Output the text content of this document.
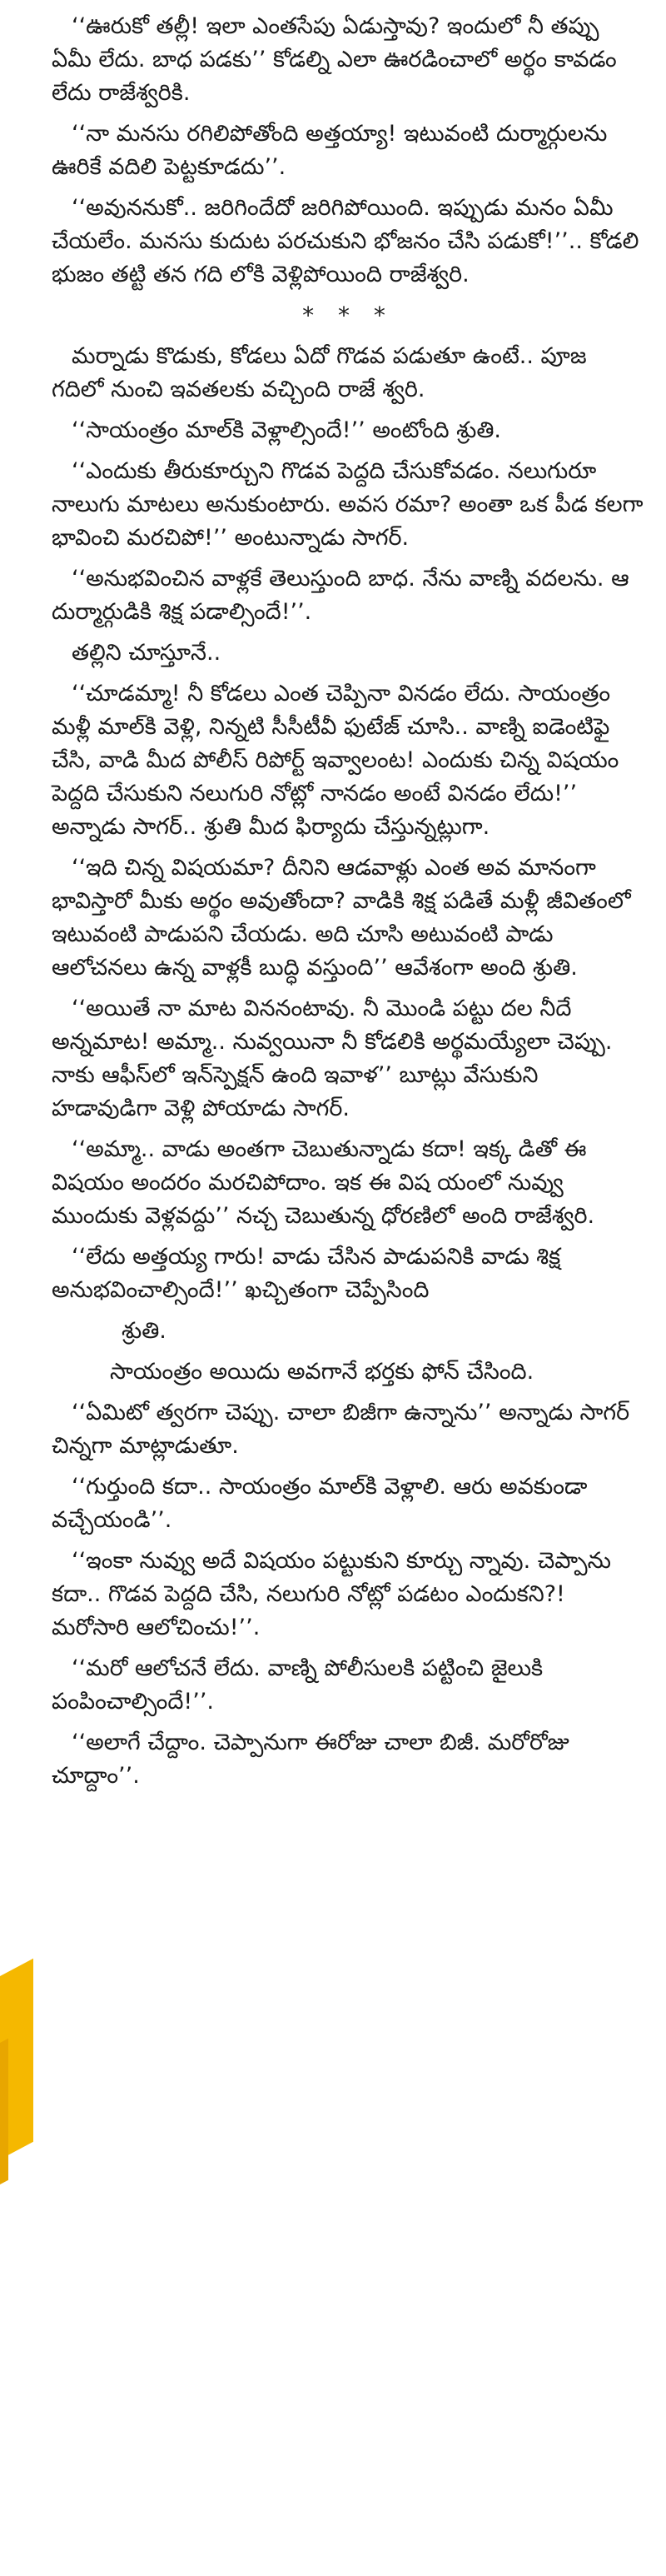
‘‘ఊరుకో తల్లీ! ఇలా ఎంతసేపు ఏడుస్తావు? ఇందులో నీ తప్పు ఏమీ లేదు. బాధ పడకు’’ కోడల్ని ఎలా ఊరడించాలో అర్థం కావడం లేదు రాజేశ్వరికి.

‘‘నా మనసు రగిలిపోతోంది అత్తయ్యా! ఇటువంటి దుర్మార్గులను ఊరికే వదిలి పెట్టకూడదు’’.

‘‘అవుననుకో.. జరిగిందేదో జరిగిపోయింది. ఇప్పుడు మనం ఏమీ చేయలేం. మనసు కుదుట పరచుకుని భోజనం చేసి పడుకో!’’.. కోడలి భుజం తట్టి తన గది లోకి వెళ్లిపోయింది రాజేశ్వరి.

* * *

మర్నాడు కొడుకు, కోడలు ఏదో గొడవ పడుతూ ఉంటే.. పూజ గదిలో నుంచి ఇవతలకు వచ్చింది రాజే శ్వరి.

‘‘సాయంత్రం మాల్‌కి వెళ్లాల్సిందే!’’ అంటోంది శ్రుతి.

‘‘ఎందుకు తీరుకూర్చుని గొడవ పెద్దది చేసుకోవడం. నలుగురూ నాలుగు మాటలు అనుకుంటారు. అవస రమా? అంతా ఒక పీడ కలగా భావించి మరచిపో!’’ అంటున్నాడు సాగర్.

‘‘అనుభవించిన వాళ్లకే తెలుస్తుంది బాధ. నేను వాణ్ని వదలను. ఆ దుర్మార్గుడికి శిక్ష పడాల్సిందే!’’.

తల్లిని చూస్తూనే..

‘‘చూడమ్మా! నీ కోడలు ఎంత చెప్పినా వినడం లేదు. సాయంత్రం మళ్లీ మాల్‌కి వెళ్లి, నిన్నటి సీసీటీవీ ఫుటేజ్ చూసి.. వాణ్ని ఐడెంటిఫై చేసి, వాడి మీద పోలీస్ రిపోర్ట్ ఇవ్వాలంట! ఎందుకు చిన్న విషయం పెద్దది చేసుకుని నలుగురి నోట్లో నానడం అంటే వినడం లేదు!’’ అన్నాడు సాగర్.. శ్రుతి మీద ఫిర్యాదు చేస్తున్నట్లుగా.

‘‘ఇది చిన్న విషయమా? దీనిని ఆడవాళ్లు ఎంత అవ మానంగా భావిస్తారో మీకు అర్థం అవుతోందా? వాడికి శిక్ష పడితే మళ్లీ జీవితంలో ఇటువంటి పాడుపని చేయడు. అది చూసి అటువంటి పాడు ఆలోచనలు ఉన్న వాళ్లకీ బుద్ధి వస్తుంది’’ ఆవేశంగా అంది శ్రుతి.

‘‘అయితే నా మాట విననంటావు. నీ మొండి పట్టు దల నీదే అన్నమాట! అమ్మా.. నువ్వయినా నీ కోడలికి అర్థమయ్యేలా చెప్పు. నాకు ఆఫీస్‌లో ఇన్‌స్పెక్షన్ ఉంది ఇవాళ’’ బూట్లు వేసుకుని హడావుడిగా వెళ్లి పోయాడు సాగర్.

‘‘అమ్మా.. వాడు అంతగా చెబుతున్నాడు కదా! ఇక్క డితో ఈ విషయం అందరం మరచిపోదాం. ఇక ఈ విష యంలో నువ్వు ముందుకు వెళ్లవద్దు’’ నచ్చ చెబుతున్న ధోరణిలో అంది రాజేశ్వరి.

‘‘లేదు అత్తయ్య గారు! వాడు చేసిన పాడుపనికి వాడు శిక్ష అనుభవించాల్సిందే!’’ ఖచ్చితంగా చెప్పేసింది

శ్రుతి.

సాయంత్రం అయిదు అవగానే భర్తకు ఫోన్ చేసింది.

‘‘ఏమిటో త్వరగా చెప్పు. చాలా బిజీగా ఉన్నాను’’ అన్నాడు సాగర్ చిన్నగా మాట్లాడుతూ.

‘‘గుర్తుంది కదా.. సాయంత్రం మాల్‌కి వెళ్లాలి. ఆరు అవకుండా వచ్చేయండి’’.

‘‘ఇంకా నువ్వు అదే విషయం పట్టుకుని కూర్చు న్నావు. చెప్పాను కదా.. గొడవ పెద్దది చేసి, నలుగురి నోట్లో పడటం ఎందుకని?! మరోసారి ఆలోచించు!’’.

‘‘మరో ఆలోచనే లేదు. వాణ్ని పోలీసులకి పట్టించి జైలుకి పంపించాల్సిందే!’’.

‘‘అలాగే చేద్దాం. చెప్పానుగా ఈరోజు చాలా బిజీ. మరోరోజు చూద్దాం’’.
